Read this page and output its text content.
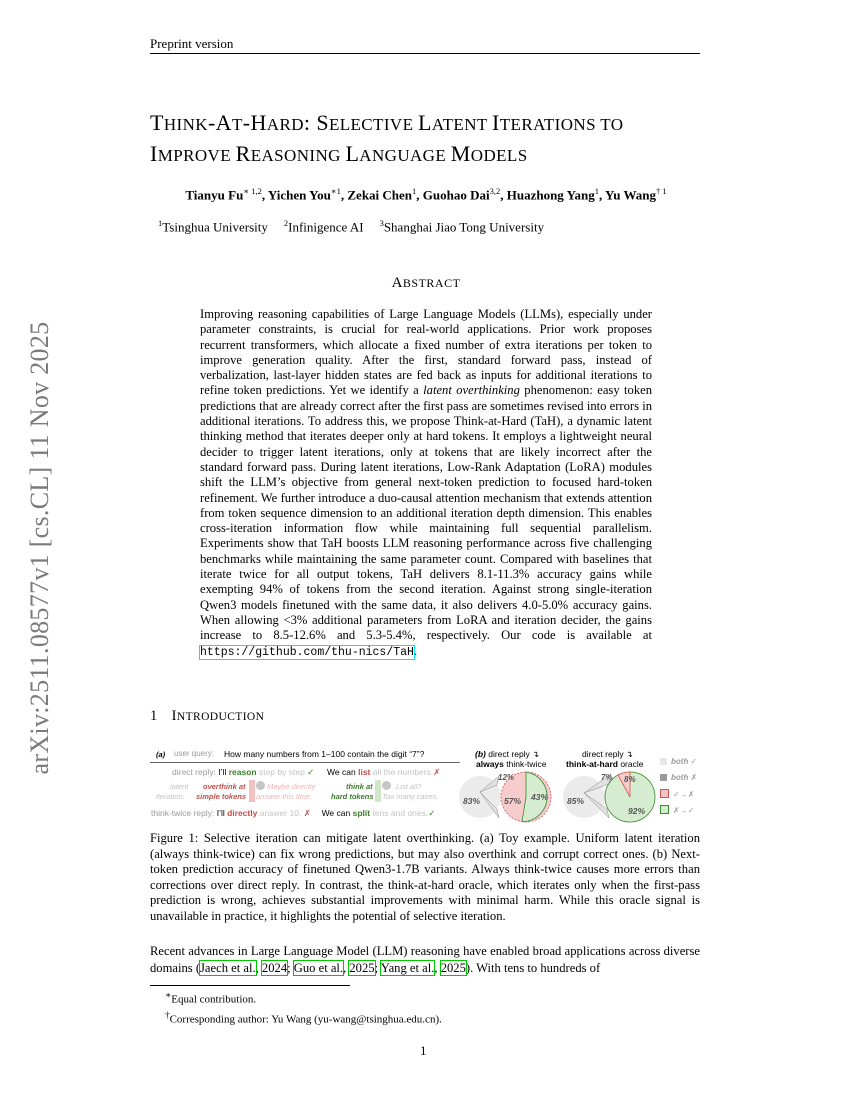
Preprint version
arXiv:2511.08577v1 [cs.CL] 11 Nov 2025
THINK-AT-HARD: SELECTIVE LATENT ITERATIONS TO
IMPROVE REASONING LANGUAGE MODELS
Tianyu $Fu^{∗ 1,2}$, Yichen You$^{∗1}$, Zekai Chen$^1$, Guohao Dai$^{3,2}$, Huazhong Yang$^1$, Yu Wang$^{\dagger 1}$
$^1$Tsinghua University $^2$Infinigence AI $^3$Shanghai Jiao Tong University
ABSTRACT
Improving reasoning capabilities of Large Language Models (LLMs), especially under parameter constraints, is crucial for real-world applications. Prior work proposes recurrent transformers, which allocate a fixed number of extra iterations per token to improve generation quality. After the first, standard forward pass, instead of verbalization, last-layer hidden states are fed back as inputs for additional iterations to refine token predictions. Yet we identify a latent overthinking phenomenon: easy token predictions that are already correct after the first pass are sometimes revised into errors in additional iterations. To address this, we propose Think-at-Hard (TaH), a dynamic latent thinking method that iterates deeper only at hard tokens. It employs a lightweight neural decider to trigger latent iterations, only at tokens that are likely incorrect after the standard forward pass. During latent iterations, Low-Rank Adaptation (LoRA) modules shift the LLM’s objective from general next-token prediction to focused hard-token refinement. We further introduce a duo-causal attention mechanism that extends attention from token sequence dimension to an additional iteration depth dimension. This enables cross-iteration information flow while maintaining full sequential parallelism. Experiments show that TaH boosts LLM reasoning performance across five challenging benchmarks while maintaining the same parameter count. Compared with baselines that iterate twice for all output tokens, TaH delivers 8.1-11.3% accuracy gains while exempting 94% of tokens from the second iteration. Against strong single-iteration Qwen3 models finetuned with the same data, it also delivers 4.0-5.0% accuracy gains. When allowing <3% additional parameters from LoRA and iteration decider, the gains increase to 8.5-12.6% and 5.3-5.4%, respectively. Our code is available at https://github.com/thu-nics/TaH.
1 INTRODUCTION
(a) user query: How many numbers from 1–100 contain the digit “7”?
direct reply: I’ll reason step by step.✓ We can list all the numbers.✗
latent
iteration:
overthink at
simple tokens
Maybe directly
answer this time.
think at
hard tokens
List all?
Too many cases.
think-twice reply: I’ll directly answer 10. ✗ We can split tens and ones.✓
(b) direct reply ↴
always think-twice
direct reply ↴
think-at-hard oracle
83%
12%
57% 43% 85%
7% 8%
92%
both ✓
both ✗
✓→✗
✗→✓
Figure 1: Selective iteration can mitigate latent overthinking. (a) Toy example. Uniform latent iteration (always think-twice) can fix wrong predictions, but may also overthink and corrupt correct ones. (b) Next-token prediction accuracy of finetuned Qwen3-1.7B variants. Always think-twice causes more errors than corrections over direct reply. In contrast, the think-at-hard oracle, which iterates only when the first-pass prediction is wrong, achieves substantial improvements with minimal harm. While this oracle signal is unavailable in practice, it highlights the potential of selective iteration.
Recent advances in Large Language Model (LLM) reasoning have enabled broad applications across diverse domains (Jaech et al., 2024; Guo et al., 2025; Yang et al., 2025). With tens to hundreds of
∗Equal contribution.
†Corresponding author: Yu Wang (yu-wang@tsinghua.edu.cn).
1
